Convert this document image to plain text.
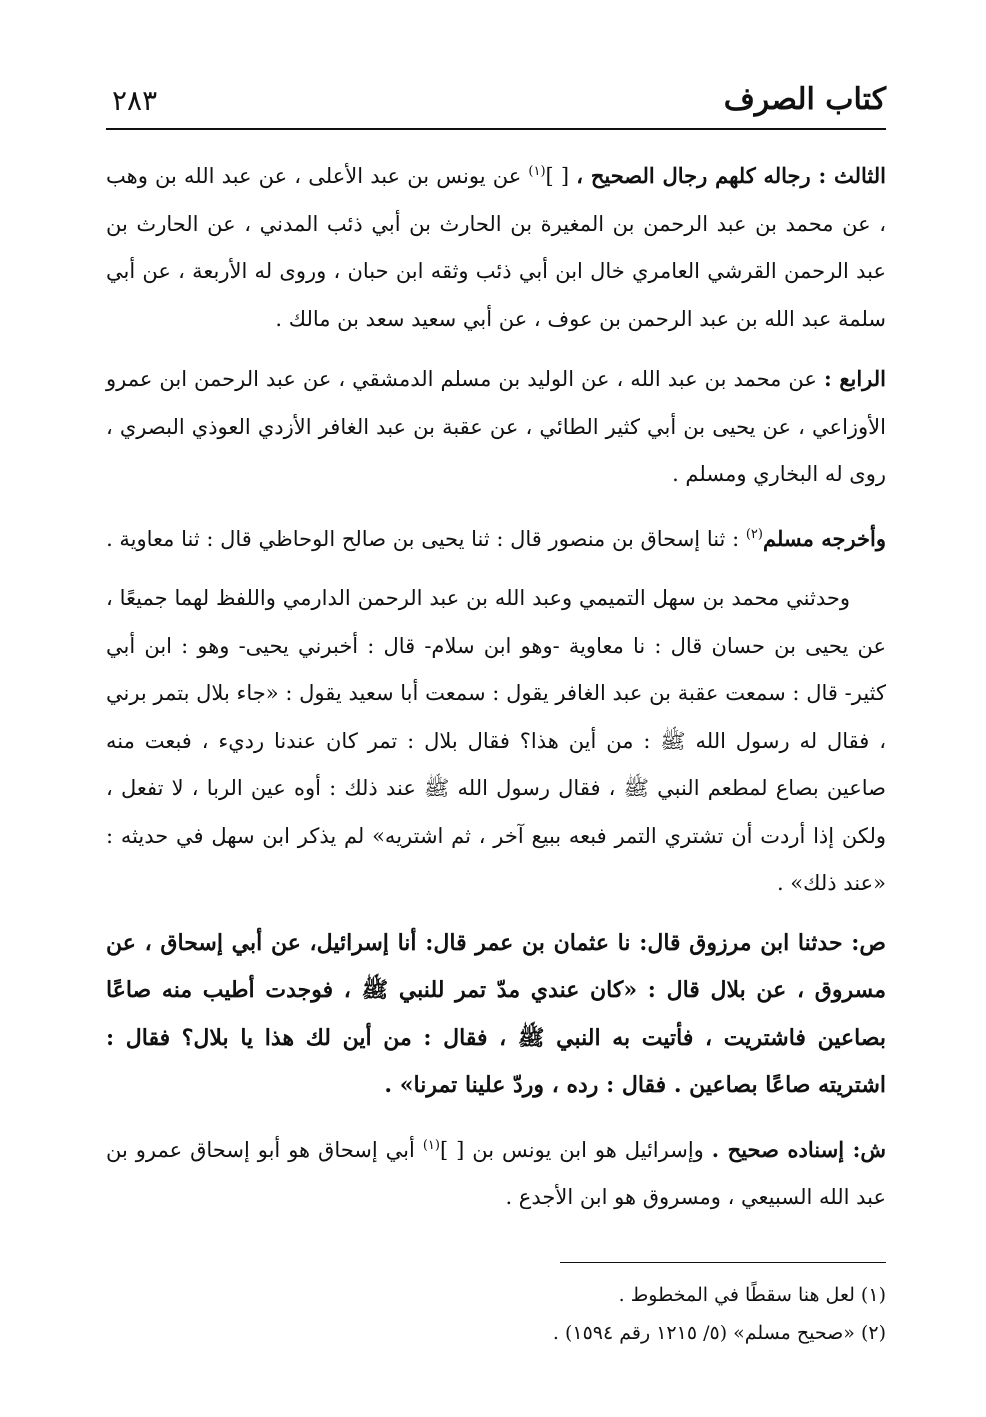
كتاب الصرف
٢٨٣

الثالث : رجاله كلهم رجال الصحيح ، [ ]$^{(١)}$ عن يونس بن عبد الأعلى ، عن عبد الله بن وهب ، عن محمد بن عبد الرحمن بن المغيرة بن الحارث بن أبي ذئب المدني ، عن الحارث بن عبد الرحمن القرشي العامري خال ابن أبي ذئب وثقه ابن حبان ، وروى له الأربعة ، عن أبي سلمة عبد الله بن عبد الرحمن بن عوف ، عن أبي سعيد سعد بن مالك .

الرابع : عن محمد بن عبد الله ، عن الوليد بن مسلم الدمشقي ، عن عبد الرحمن ابن عمرو الأوزاعي ، عن يحيى بن أبي كثير الطائي ، عن عقبة بن عبد الغافر الأزدي العوذي البصري ، روى له البخاري ومسلم .

وأخرجه مسلم$^{(٢)}$ : ثنا إسحاق بن منصور قال : ثنا يحيى بن صالح الوحاظي قال : ثنا معاوية .

وحدثني محمد بن سهل التميمي وعبد الله بن عبد الرحمن الدارمي واللفظ لهما جميعًا ، عن يحيى بن حسان قال : نا معاوية -وهو ابن سلام- قال : أخبرني يحيى- وهو : ابن أبي كثير- قال : سمعت عقبة بن عبد الغافر يقول : سمعت أبا سعيد يقول : «جاء بلال بتمر برني ، فقال له رسول الله ﷺ : من أين هذا؟ فقال بلال : تمر كان عندنا رديء ، فبعت منه صاعين بصاع لمطعم النبي ﷺ ، فقال رسول الله ﷺ عند ذلك : أوه عين الربا ، لا تفعل ، ولكن إذا أردت أن تشتري التمر فبعه ببيع آخر ، ثم اشتريه» لم يذكر ابن سهل في حديثه : «عند ذلك» .

ص: حدثنا ابن مرزوق قال: نا عثمان بن عمر قال: أنا إسرائيل، عن أبي إسحاق ، عن مسروق ، عن بلال قال : «كان عندي مدّ تمر للنبي ﷺ ، فوجدت أطيب منه صاعًا بصاعين فاشتريت ، فأتيت به النبي ﷺ ، فقال : من أين لك هذا يا بلال؟ فقال : اشتريته صاعًا بصاعين . فقال : رده ، وردّ علينا تمرنا» .

ش: إسناده صحيح . وإسرائيل هو ابن يونس بن [ ]$^{(١)}$ أبي إسحاق هو أبو إسحاق عمرو بن عبد الله السبيعي ، ومسروق هو ابن الأجدع .

(١) لعل هنا سقطًا في المخطوط .
(٢) «صحيح مسلم» (٥/ ١٢١٥ رقم ١٥٩٤) .
